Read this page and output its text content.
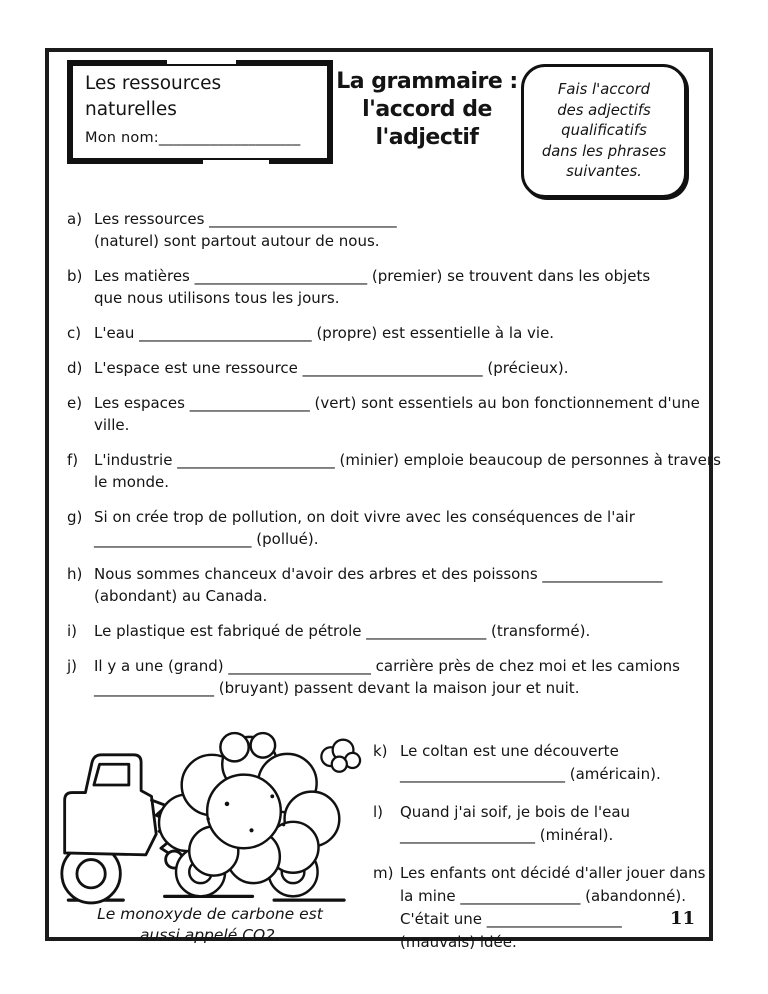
Les ressources naturelles
Mon nom:___________________
La grammaire :
l'accord de
l'adjectif
Fais l'accord
des adjectifs
qualificatifs
dans les phrases
suivantes.
a) Les ressources _________________________
(naturel) sont partout autour de nous.
b) Les matières _______________________ (premier) se trouvent dans les objets
que nous utilisons tous les jours.
c) L'eau _______________________ (propre) est essentielle à la vie.
d) L'espace est une ressource ________________________ (précieux).
e) Les espaces ________________ (vert) sont essentiels au bon fonctionnement d'une
ville.
f)	L'industrie _____________________ (minier) emploie beaucoup de personnes à travers
le monde.
g) Si on crée trop de pollution, on doit vivre avec les conséquences de l'air
_____________________ (pollué).
h) Nous sommes chanceux d'avoir des arbres et des poissons ________________
(abondant) au Canada.
i)	Le plastique est fabriqué de pétrole ________________ (transformé).
j)	Il y a une (grand) ___________________ carrière près de chez moi et les camions
________________ (bruyant) passent devant la maison jour et nuit.
Le monoxyde de carbone est
aussi appelé CO2.
k) Le coltan est une découverte
______________________ (américain).
l)	Quand j'ai soif, je bois de l'eau
__________________ (minéral).
m) Les enfants ont décidé d'aller jouer dans
la mine ________________ (abandonné).
C'était une __________________
(mauvais) idée.
11
